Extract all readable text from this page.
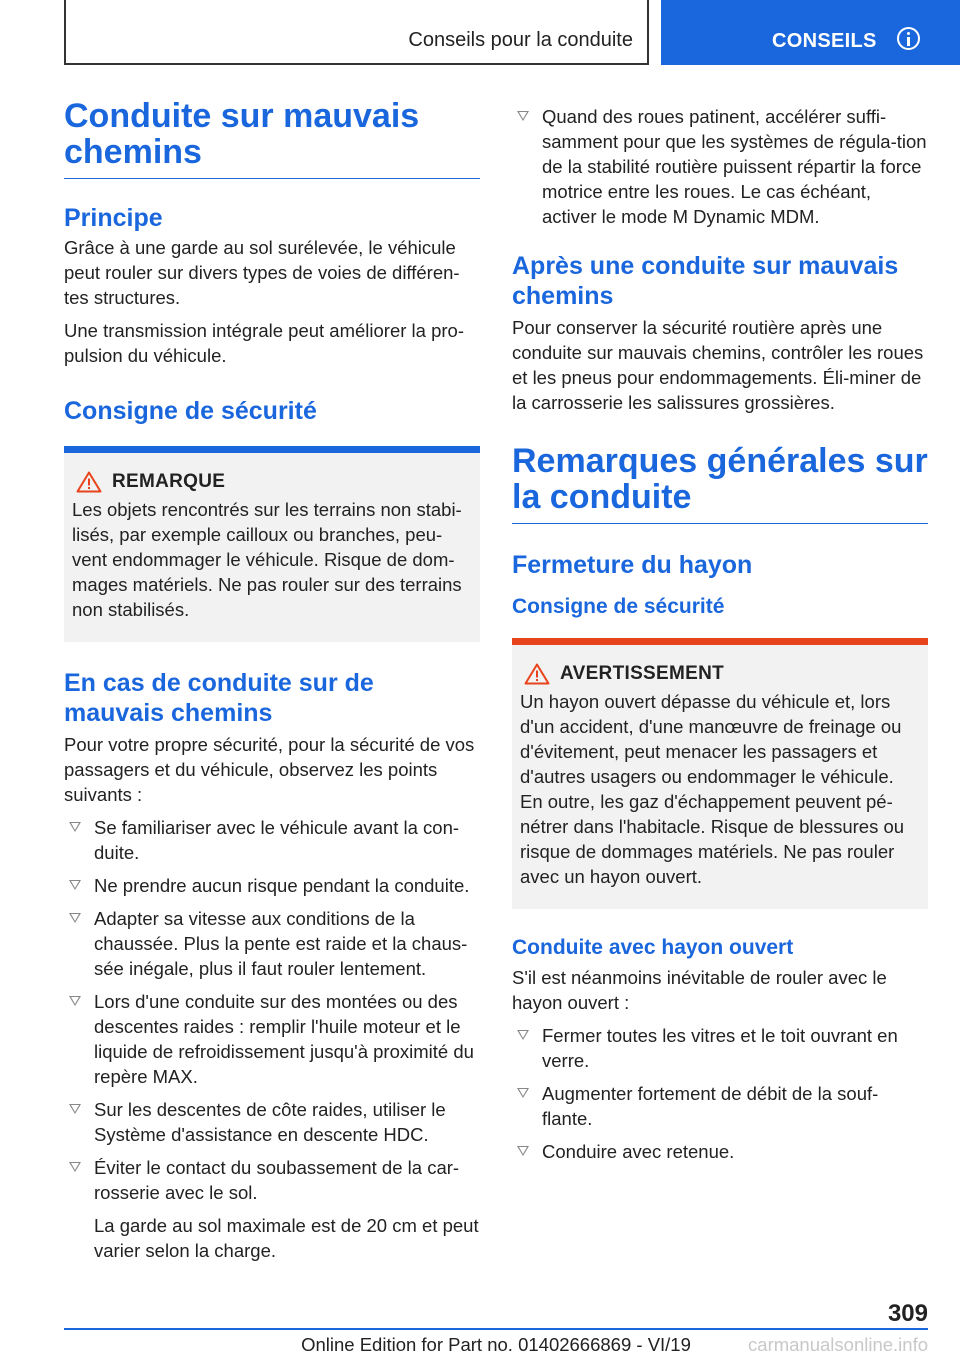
Conseils pour la conduite	CONSEILS
Conduite sur mauvais chemins
Principe

Grâce à une garde au sol surélevée, le véhicule peut rouler sur divers types de voies de différen-tes structures.

Une transmission intégrale peut améliorer la pro-pulsion du véhicule.

Consigne de sécurité
REMARQUE

Les objets rencontrés sur les terrains non stabi-lisés, par exemple cailloux ou branches, peu-vent endommager le véhicule. Risque de dom-mages matériels. Ne pas rouler sur des terrains non stabilisés.

En cas de conduite sur de mauvais chemins

Pour votre propre sécurité, pour la sécurité de vos passagers et du véhicule, observez les points suivants :

Se familiariser avec le véhicule avant la con-duite.
Ne prendre aucun risque pendant la conduite.
Adapter sa vitesse aux conditions de la chaussée. Plus la pente est raide et la chaus-sée inégale, plus il faut rouler lentement.
Lors d'une conduite sur des montées ou des descentes raides : remplir l'huile moteur et le liquide de refroidissement jusqu'à proximité du repère MAX.
Sur les descentes de côte raides, utiliser le Système d'assistance en descente HDC.
Éviter le contact du soubassement de la car-rosserie avec le sol.
La garde au sol maximale est de 20 cm et peut varier selon la charge.
Quand des roues patinent, accélérer suffi-samment pour que les systèmes de régula-tion de la stabilité routière puissent répartir la force motrice entre les roues. Le cas échéant, activer le mode M Dynamic MDM.
Après une conduite sur mauvais chemins

Pour conserver la sécurité routière après une conduite sur mauvais chemins, contrôler les roues et les pneus pour endommagements. Éli-miner de la carrosserie les salissures grossières.

Remarques générales sur la conduite
Fermeture du hayon
Consigne de sécurité
AVERTISSEMENT

Un hayon ouvert dépasse du véhicule et, lors d'un accident, d'une manœuvre de freinage ou d'évitement, peut menacer les passagers et d'autres usagers ou endommager le véhicule. En outre, les gaz d'échappement peuvent pé-nétrer dans l'habitacle. Risque de blessures ou risque de dommages matériels. Ne pas rouler avec un hayon ouvert.

Conduite avec hayon ouvert

S'il est néanmoins inévitable de rouler avec le hayon ouvert :

Fermer toutes les vitres et le toit ouvrant en verre.
Augmenter fortement de débit de la souf-flante.
Conduire avec retenue.
309
Online Edition for Part no. 01402666869 - VI/19	carmanualsonline.info
